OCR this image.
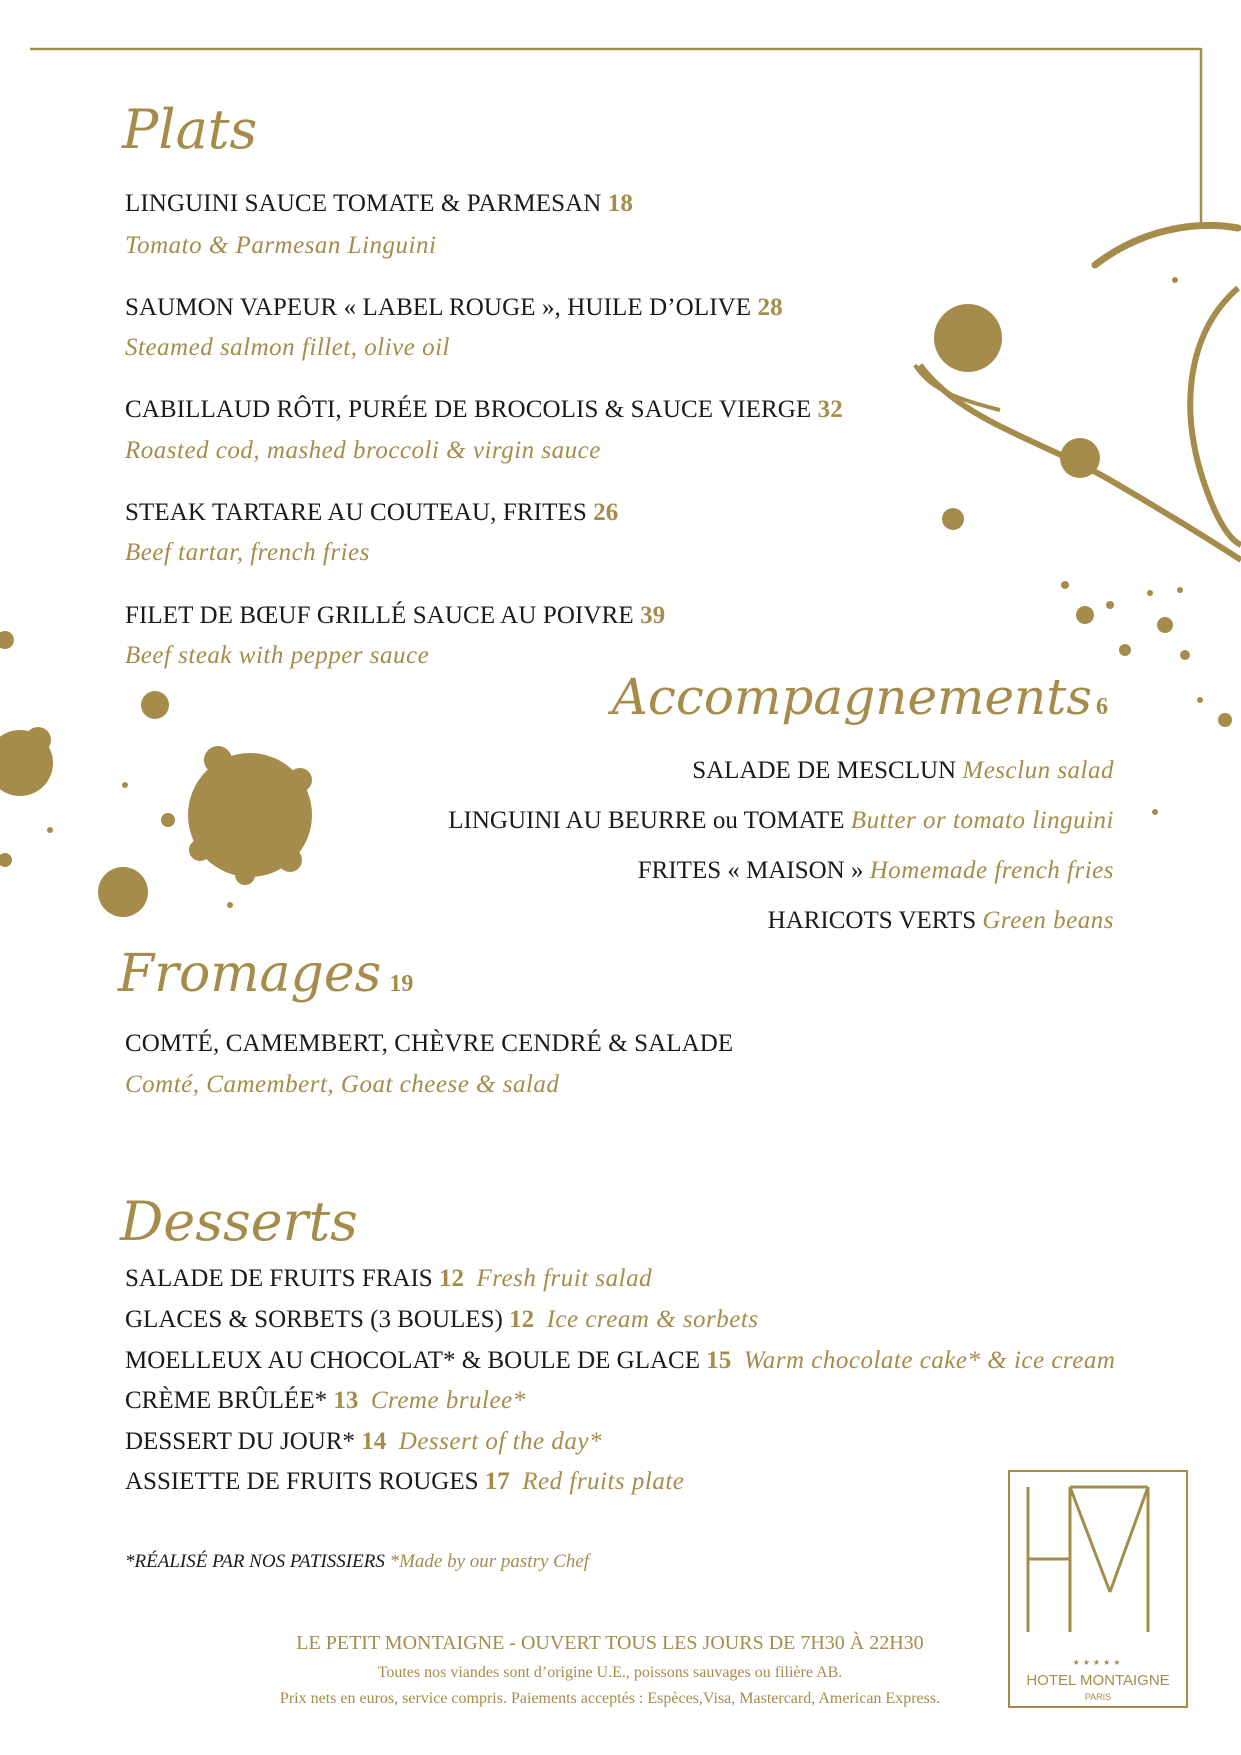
Plats
LINGUINI SAUCE TOMATE & PARMESAN 18
Tomato & Parmesan Linguini
SAUMON VAPEUR « LABEL ROUGE », HUILE D’OLIVE 28
Steamed salmon fillet, olive oil
CABILLAUD RÔTI, PURÉE DE BROCOLIS & SAUCE VIERGE 32
Roasted cod, mashed broccoli & virgin sauce
STEAK TARTARE AU COUTEAU, FRITES 26
Beef tartar, french fries
FILET DE BŒUF GRILLÉ SAUCE AU POIVRE 39
Beef steak with pepper sauce
Accompagnements 6
SALADE DE MESCLUN Mesclun salad
LINGUINI AU BEURRE ou TOMATE Butter or tomato linguini
FRITES « MAISON » Homemade french fries
HARICOTS VERTS Green beans
Fromages 19
COMTÉ, CAMEMBERT, CHÈVRE CENDRÉ & SALADE
Comté, Camembert, Goat cheese & salad
Desserts
SALADE DE FRUITS FRAIS 12 Fresh fruit salad
GLACES & SORBETS (3 BOULES) 12 Ice cream & sorbets
MOELLEUX AU CHOCOLAT* & BOULE DE GLACE 15 Warm chocolate cake* & ice cream
CRÈME BRÛLÉE* 13 Creme brulee*
DESSERT DU JOUR* 14 Dessert of the day*
ASSIETTE DE FRUITS ROUGES 17 Red fruits plate
*RÉALISÉ PAR NOS PATISSIERS *Made by our pastry Chef
LE PETIT MONTAIGNE - OUVERT TOUS LES JOURS DE 7H30 À 22H30
Toutes nos viandes sont d’origine U.E., poissons sauvages ou filière AB.
Prix nets en euros, service compris. Paiements acceptés : Espèces,Visa, Mastercard, American Express.
★★★★★
HOTEL MONTAIGNE
PARIS
